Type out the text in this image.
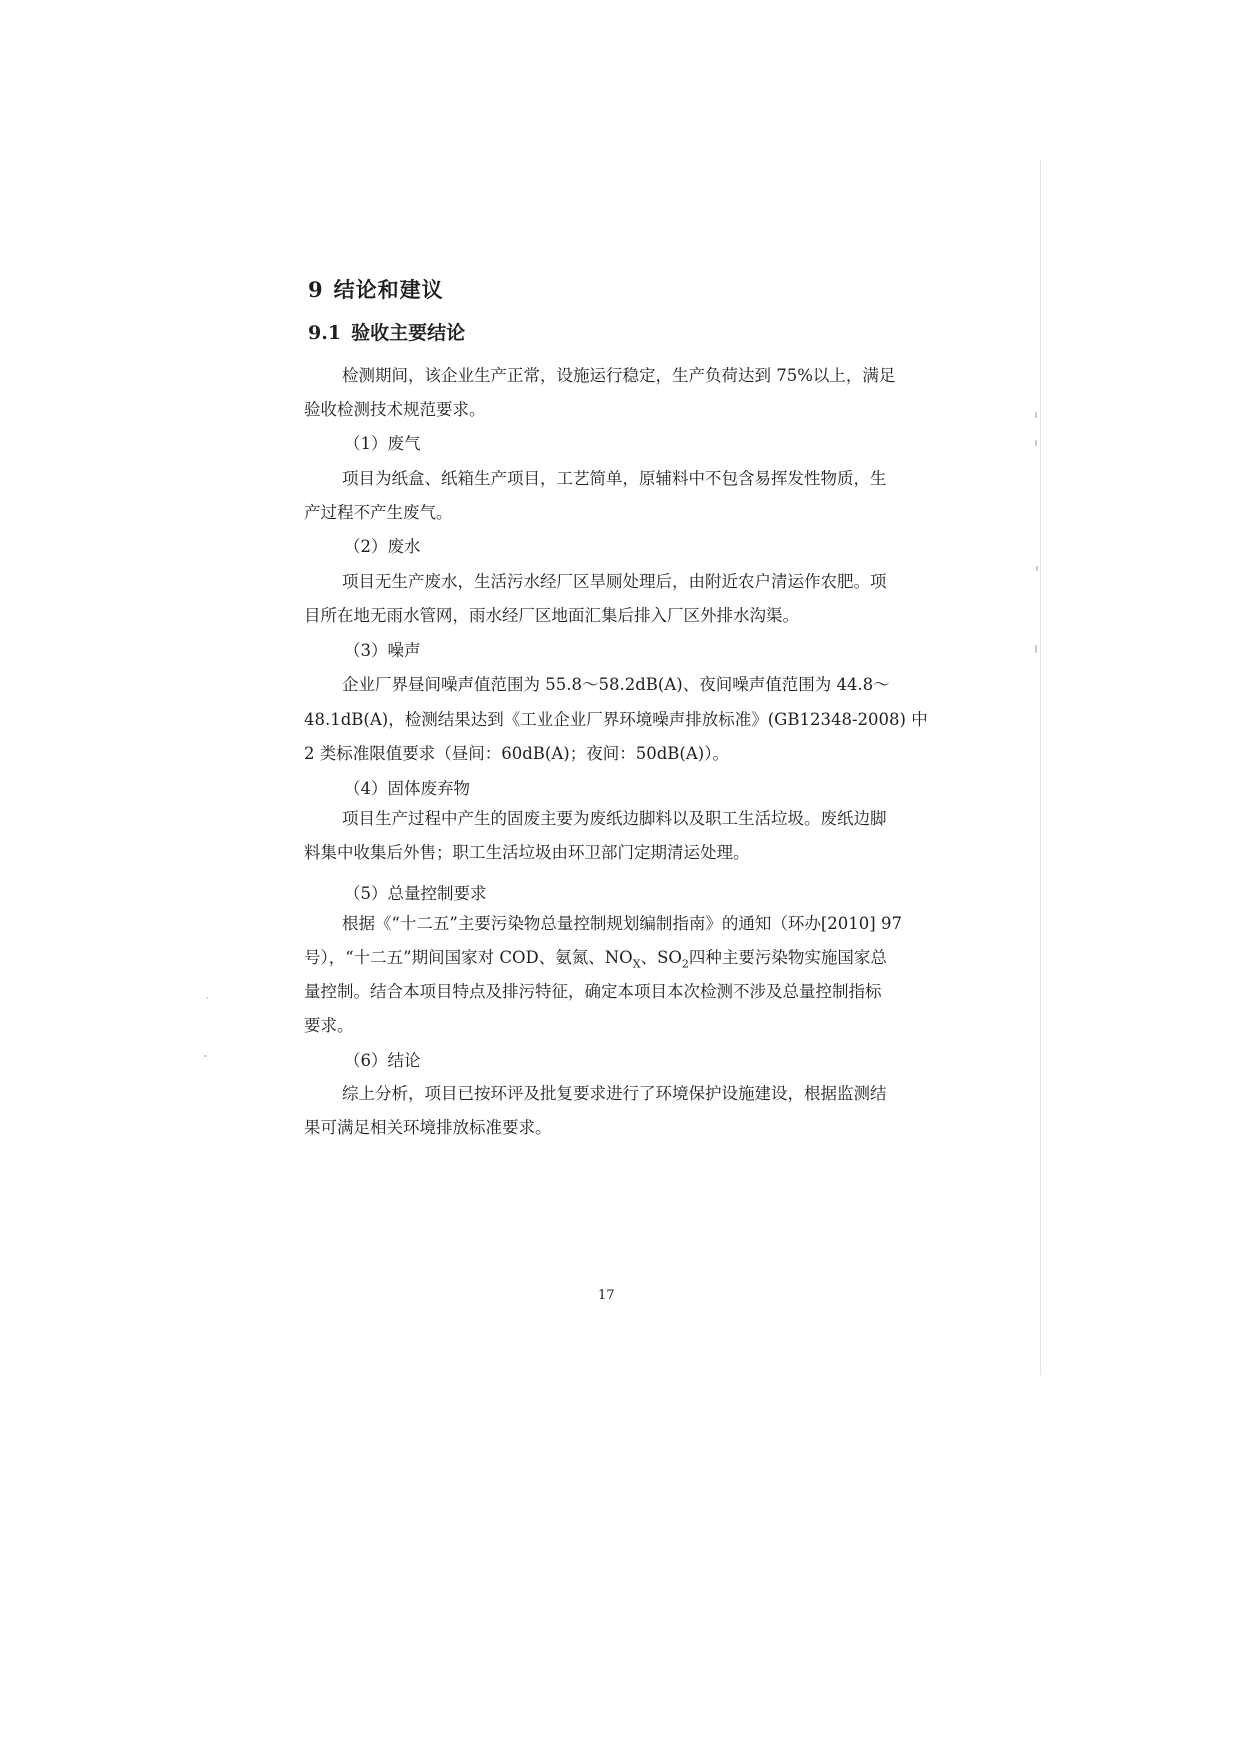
9 结论和建议
9.1 验收主要结论
检测期间，该企业生产正常，设施运行稳定，生产负荷达到 75%以上，满足
验收检测技术规范要求。
（1）废气
项目为纸盒、纸箱生产项目，工艺简单，原辅料中不包含易挥发性物质，生
产过程不产生废气。
（2）废水
项目无生产废水，生活污水经厂区旱厕处理后，由附近农户清运作农肥。项
目所在地无雨水管网，雨水经厂区地面汇集后排入厂区外排水沟渠。
（3）噪声
企业厂界昼间噪声值范围为 55.8～58.2dB(A)、夜间噪声值范围为 44.8～
48.1dB(A)，检测结果达到《工业企业厂界环境噪声排放标准》(GB12348-2008) 中
2 类标准限值要求（昼间：60dB(A)；夜间：50dB(A)）。
（4）固体废弃物
项目生产过程中产生的固废主要为废纸边脚料以及职工生活垃圾。废纸边脚
料集中收集后外售；职工生活垃圾由环卫部门定期清运处理。
（5）总量控制要求
根据《“十二五”主要污染物总量控制规划编制指南》的通知（环办[2010] 97
号），“十二五”期间国家对 COD、氨氮、$NO_X$、$SO_2$四种主要污染物实施国家总
量控制。结合本项目特点及排污特征，确定本项目本次检测不涉及总量控制指标
要求。
（6）结论
综上分析，项目已按环评及批复要求进行了环境保护设施建设，根据监测结
果可满足相关环境排放标准要求。
17
